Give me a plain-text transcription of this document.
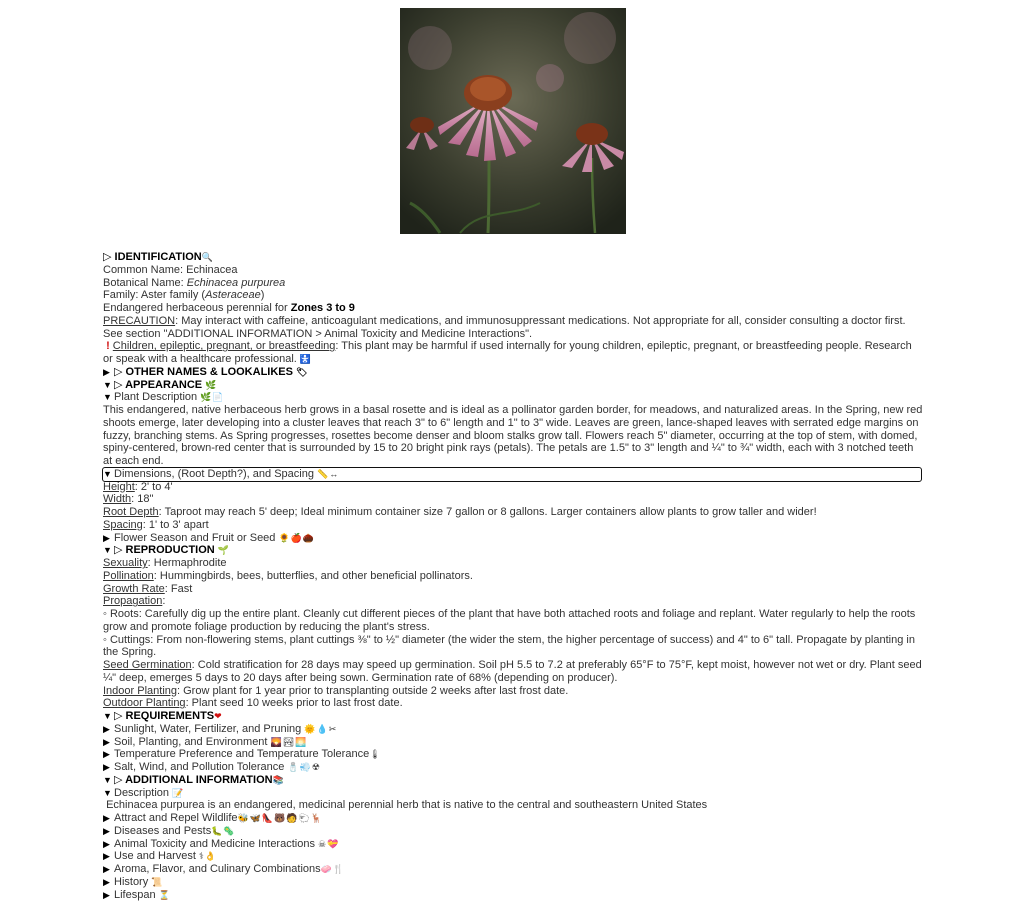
▷ IDENTIFICATION🔍
Common Name: Echinacea
Botanical Name: Echinacea purpurea
Family: Aster family (Asteraceae)
Endangered herbaceous perennial for Zones 3 to 9
PRECAUTION: May interact with caffeine, anticoagulant medications, and immunosuppressant medications. Not appropriate for all, consider consulting a doctor first. See section "ADDITIONAL INFORMATION > Animal Toxicity and Medicine Interactions".
! Children, epileptic, pregnant, or breastfeeding: This plant may be harmful if used internally for young children, epileptic, pregnant, or breastfeeding people. Research or speak with a healthcare professional. 🚼
▶ ▷ OTHER NAMES & LOOKALIKES 🏷
▼ ▷ APPEARANCE 🌿
▼ Plant Description 🌿📄
This endangered, native herbaceous herb grows in a basal rosette and is ideal as a pollinator garden border, for meadows, and naturalized areas. In the Spring, new red shoots emerge, later developing into a cluster leaves that reach 3" to 6" length and 1" to 3" wide. Leaves are green, lance-shaped leaves with serrated edge margins on fuzzy, branching stems. As Spring progresses, rosettes become denser and bloom stalks grow tall. Flowers reach 5" diameter, occurring at the top of stem, with domed, spiny-centered, brown-red center that is surrounded by 15 to 20 bright pink rays (petals). The petals are 1.5" to 3" length and ¼" to ¾" width, each with 3 notched teeth at each end.
▼ Dimensions, (Root Depth?), and Spacing 📏↔
Height: 2' to 4'
Width: 18"
Root Depth: Taproot may reach 5' deep; Ideal minimum container size 7 gallon or 8 gallons. Larger containers allow plants to grow taller and wider!
Spacing: 1' to 3' apart
▶ Flower Season and Fruit or Seed 🌻🍎🌰
▼ ▷ REPRODUCTION 🌱
Sexuality: Hermaphrodite
Pollination: Hummingbirds, bees, butterflies, and other beneficial pollinators.
Growth Rate: Fast
Propagation:
◦ Roots: Carefully dig up the entire plant. Cleanly cut different pieces of the plant that have both attached roots and foliage and replant. Water regularly to help the roots grow and promote foliage production by reducing the plant's stress.
◦ Cuttings: From non-flowering stems, plant cuttings ⅜" to ½" diameter (the wider the stem, the higher percentage of success) and 4" to 6" tall. Propagate by planting in the Spring.
Seed Germination: Cold stratification for 28 days may speed up germination. Soil pH 5.5 to 7.2 at preferably 65°F to 75°F, kept moist, however not wet or dry. Plant seed ¼" deep, emerges 5 days to 20 days after being sown. Germination rate of 68% (depending on producer).
Indoor Planting: Grow plant for 1 year prior to transplanting outside 2 weeks after last frost date.
Outdoor Planting: Plant seed 10 weeks prior to last frost date.
▼ ▷ REQUIREMENTS❤
▶ Sunlight, Water, Fertilizer, and Pruning 🌞💧✂
▶ Soil, Planting, and Environment 🌄🏞🌅
▶ Temperature Preference and Temperature Tolerance🌡
▶ Salt, Wind, and Pollution Tolerance 🧂💨☢
▼ ▷ ADDITIONAL INFORMATION📚
▼ Description 📝
Echinacea purpurea is an endangered, medicinal perennial herb that is native to the central and southeastern United States
▶ Attract and Repel Wildlife🐝🦋👠🐻🧑🐑🦌
▶ Diseases and Pests🐛🦠
▶ Animal Toxicity and Medicine Interactions ☠💝
▶ Use and Harvest ⚕👌
▶ Aroma, Flavor, and Culinary Combinations🧼🍴
▶ History 📜
▶ Lifespan ⏳
